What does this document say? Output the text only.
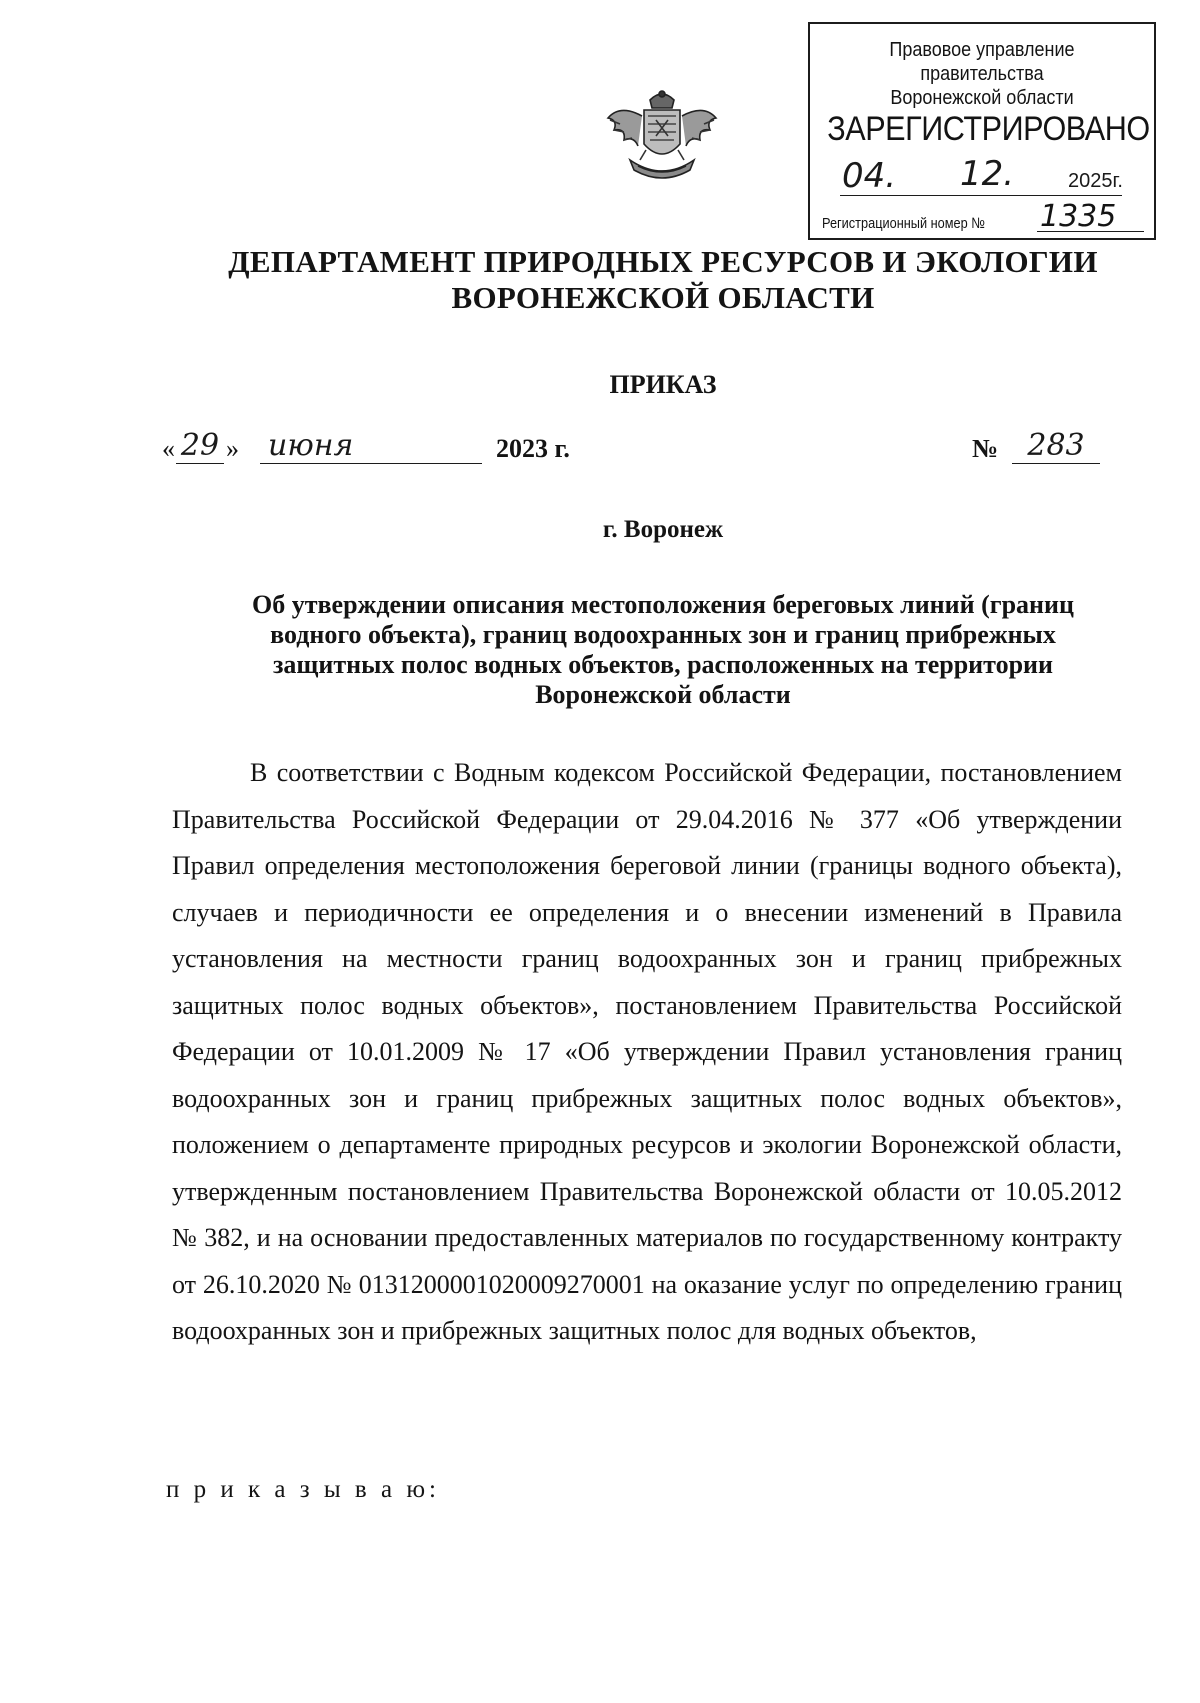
Правовое управление правительства
Воронежской области
ЗАРЕГИСТРИРОВАНО
04. 12.	2025г.
Регистрационный номер № 1335
ДЕПАРТАМЕНТ ПРИРОДНЫХ РЕСУРСОВ И ЭКОЛОГИИ
ВОРОНЕЖСКОЙ ОБЛАСТИ
ПРИКАЗ
« 29 » июня	2023 г.	№ 283
г. Воронеж
Об утверждении описания местоположения береговых линий (границ
водного объекта), границ водоохранных зон и границ прибрежных
защитных полос водных объектов, расположенных на территории
Воронежской области
В соответствии с Водным кодексом Российской Федерации, постановлением Правительства Российской Федерации от 29.04.2016 № 377 «Об утверждении Правил определения местоположения береговой линии (границы водного объекта), случаев и периодичности ее определения и о внесении изменений в Правила установления на местности границ водоохранных зон и границ прибрежных защитных полос водных объектов», постановлением Правительства Российской Федерации от 10.01.2009 № 17 «Об утверждении Правил установления границ водоохранных зон и границ прибрежных защитных полос водных объектов», положением о департаменте природных ресурсов и экологии Воронежской области, утвержденным постановлением Правительства Воронежской области от 10.05.2012 № 382, и на основании предоставленных материалов по государственному контракту от 26.10.2020 № 0131200001020009270001 на оказание услуг по определению границ водоохранных зон и прибрежных защитных полос для водных объектов,
п р и к а з ы в а ю:
